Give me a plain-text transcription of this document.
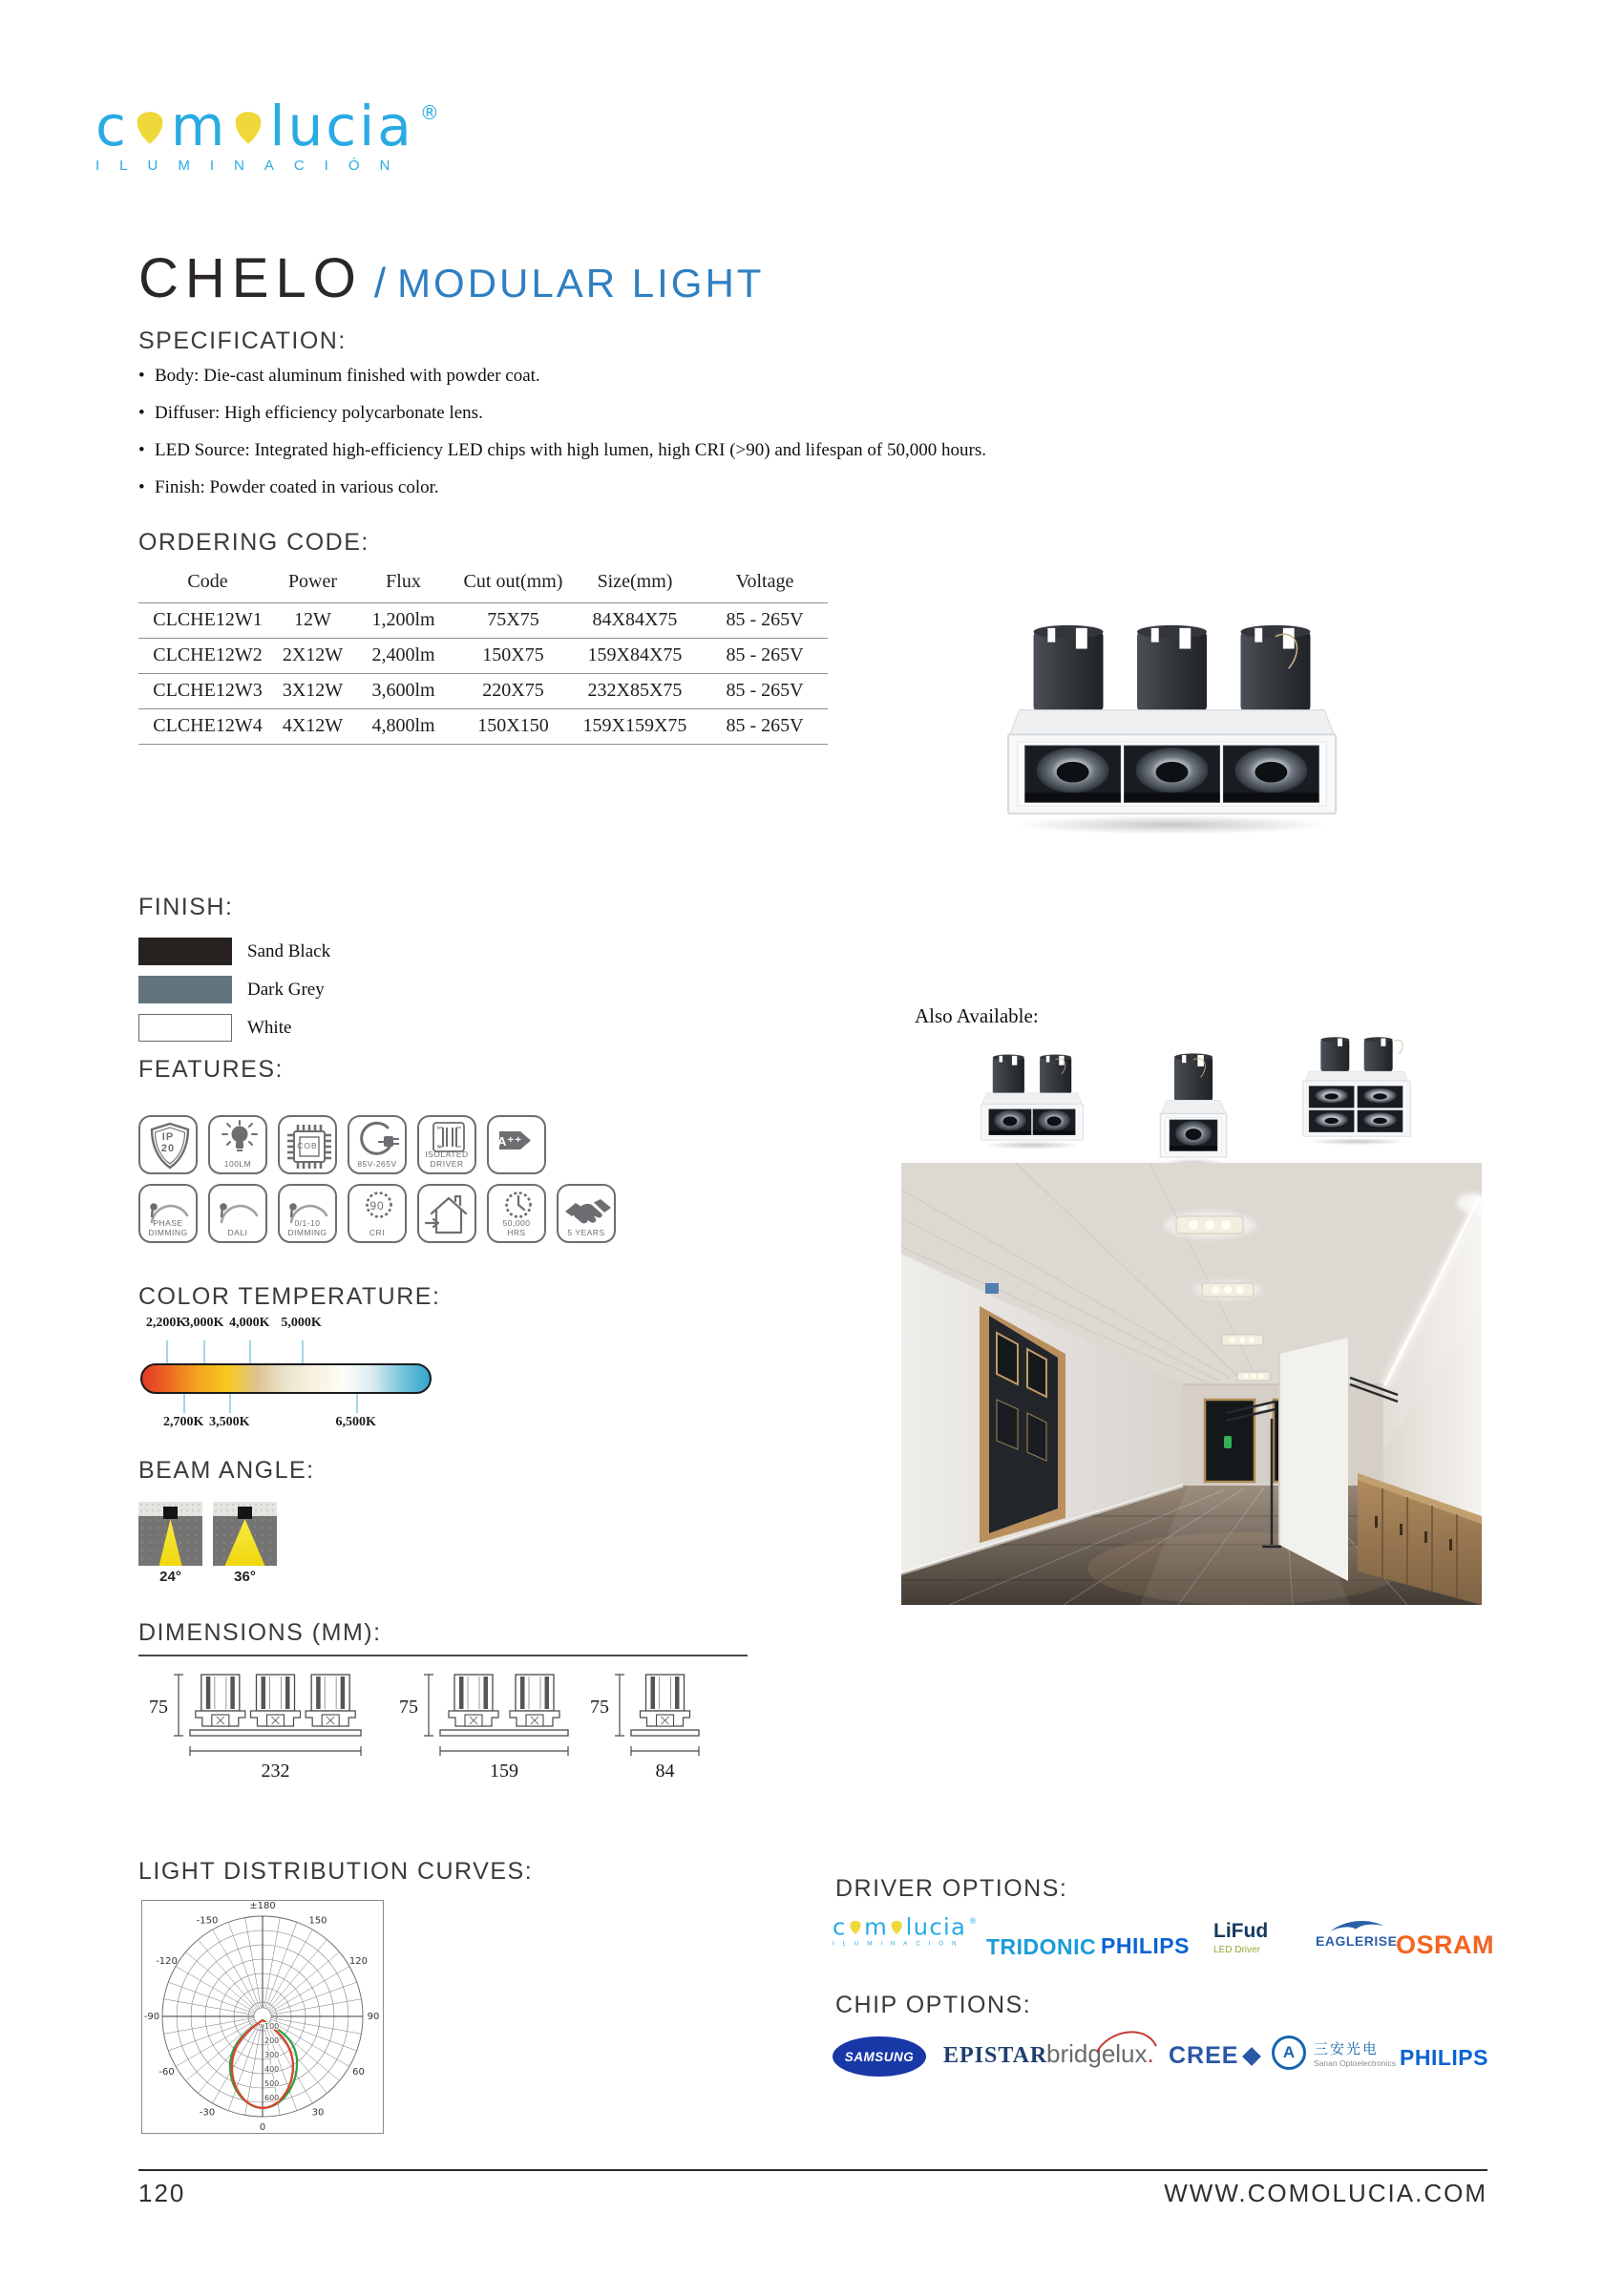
c m lucia ®
ILUMINACIÓN
CHELO / MODULAR LIGHT
SPECIFICATION:
• Body: Die-cast aluminum finished with powder coat.
• Diffuser: High efficiency polycarbonate lens.
• LED Source: Integrated high-efficiency LED chips with high lumen, high CRI (>90) and lifespan of 50,000 hours.
• Finish: Powder coated in various color.
ORDERING CODE:
Code	Power	Flux	Cut out(mm)	Size(mm)	Voltage
CLCHE12W1	12W	1,200lm	75X75	84X84X75	85 - 265V
CLCHE12W2	2X12W	2,400lm	150X75	159X84X75	85 - 265V
CLCHE12W3	3X12W	3,600lm	220X75	232X85X75	85 - 265V
CLCHE12W4	4X12W	4,800lm	150X150	159X159X75	85 - 265V
FINISH:
Also Available:
FEATURES:
COLOR TEMPERATURE:
2,200K
3,000K 4,000K 5,000K
2,700K 3,500K	6,500K
BEAM ANGLE:
DIMENSIONS (MM):
LIGHT DISTRIBUTION CURVES:
100
200
300
400
500
600
±180
150
120
90
60
30
0
-30
-60
-90
-120
-150
DRIVER OPTIONS:
c m lucia ®
ILUMINACIÓN TRIDONIC PHILIPS
LiFud
LED Driver
EAGLERISE
OSRAM
CHIP OPTIONS:
SAMSUNG EPISTAR
bridgelux. CREE	A	三安光电
Sanan Optoelectronics PHILIPS
120	WWW.COMOLUCIA.COM
Sand Black
Dark Grey
White
IP
20
100LM
COB
85V-265V
L
N
ISOLATED
DRIVER
A⁺⁺
PHASE
DIMMING	DALI
0/1-10
DIMMING
90
CRI
50,000
HRS	5 YEARS
24°	36°
75
232
75
159
75
84
